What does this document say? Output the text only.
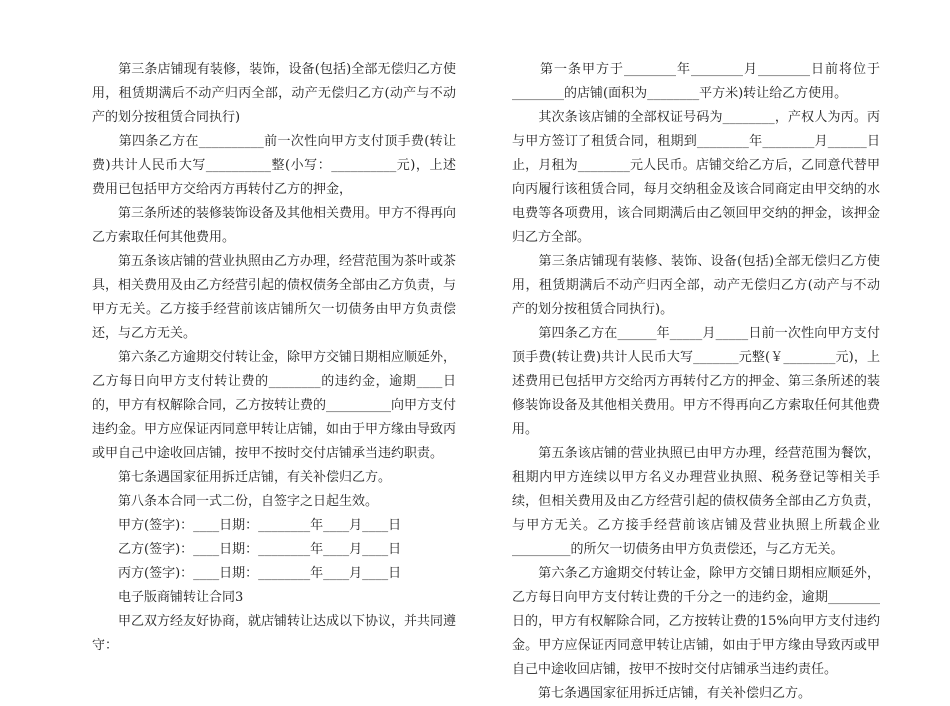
　　第三条店铺现有装修，装饰，设备(包括)全部无偿归乙方使用，租赁期满后不动产归丙全部，动产无偿归乙方(动产与不动产的划分按租赁合同执行)

　　第四条乙方在__________前一次性向甲方支付顶手费(转让费)共计人民币大写__________整(小写：__________元)，上述费用已包括甲方交给丙方再转付乙方的押金，

　　第三条所述的装修装饰设备及其他相关费用。甲方不得再向乙方索取任何其他费用。

　　第五条该店铺的营业执照由乙方办理，经营范围为茶叶或茶具，相关费用及由乙方经营引起的债权债务全部由乙方负责，与甲方无关。乙方接手经营前该店铺所欠一切债务由甲方负责偿还，与乙方无关。

　　第六条乙方逾期交付转让金，除甲方交铺日期相应顺延外，乙方每日向甲方支付转让费的________的违约金，逾期____日的，甲方有权解除合同，乙方按转让费的__________向甲方支付违约金。甲方应保证丙同意甲转让店铺，如由于甲方缘由导致丙或甲自己中途收回店铺，按甲不按时交付店铺承当违约职责。

　　第七条遇国家征用拆迁店铺，有关补偿归乙方。

　　第八条本合同一式二份，自签字之日起生效。

　　甲方(签字)：____日期：________年____月____日

　　乙方(签字)：____日期：________年____月____日

　　丙方(签字)：____日期：________年____月____日

　　电子版商铺转让合同3

　　甲乙双方经友好协商，就店铺转让达成以下协议，并共同遵守：

　　第一条甲方于________年________月________日前将位于________的店铺(面积为________平方米)转让给乙方使用。

　　其次条该店铺的全部权证号码为________，产权人为丙。丙与甲方签订了租赁合同，租期到________年________月______日止，月租为________元人民币。店铺交给乙方后，乙同意代替甲向丙履行该租赁合同，每月交纳租金及该合同商定由甲交纳的水电费等各项费用，该合同期满后由乙领回甲交纳的押金，该押金归乙方全部。

　　第三条店铺现有装修、装饰、设备(包括)全部无偿归乙方使用，租赁期满后不动产归丙全部，动产无偿归乙方(动产与不动产的划分按租赁合同执行)。

　　第四条乙方在______年_____月_____日前一次性向甲方支付顶手费(转让费)共计人民币大写_______元整(￥________元)，上述费用已包括甲方交给丙方再转付乙方的押金、第三条所述的装修装饰设备及其他相关费用。甲方不得再向乙方索取任何其他费用。

　　第五条该店铺的营业执照已由甲方办理，经营范围为餐饮，租期内甲方连续以甲方名义办理营业执照、税务登记等相关手续，但相关费用及由乙方经营引起的债权债务全部由乙方负责，与甲方无关。乙方接手经营前该店铺及营业执照上所载企业_________的所欠一切债务由甲方负责偿还，与乙方无关。

　　第六条乙方逾期交付转让金，除甲方交铺日期相应顺延外，乙方每日向甲方支付转让费的千分之一的违约金，逾期________日的，甲方有权解除合同，乙方按转让费的15%向甲方支付违约金。甲方应保证丙同意甲转让店铺，如由于甲方缘由导致丙或甲自己中途收回店铺，按甲不按时交付店铺承当违约责任。

　　第七条遇国家征用拆迁店铺，有关补偿归乙方。
